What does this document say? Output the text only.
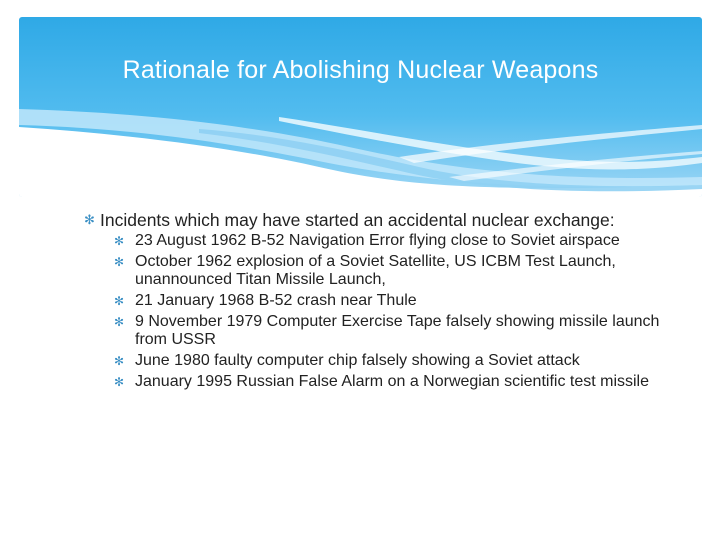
Rationale for Abolishing Nuclear Weapons
✻ Incidents which may have started an accidental nuclear exchange:
✻ 23 August 1962 B-52 Navigation Error flying close to Soviet airspace
✻ October 1962 explosion of a Soviet Satellite, US ICBM Test Launch, unannounced Titan Missile Launch,
✻ 21 January 1968 B-52 crash near Thule
✻ 9 November 1979 Computer Exercise Tape falsely showing missile launch from USSR
✻ June 1980 faulty computer chip falsely showing a Soviet attack
✻ January 1995 Russian False Alarm on a Norwegian scientific test missile
